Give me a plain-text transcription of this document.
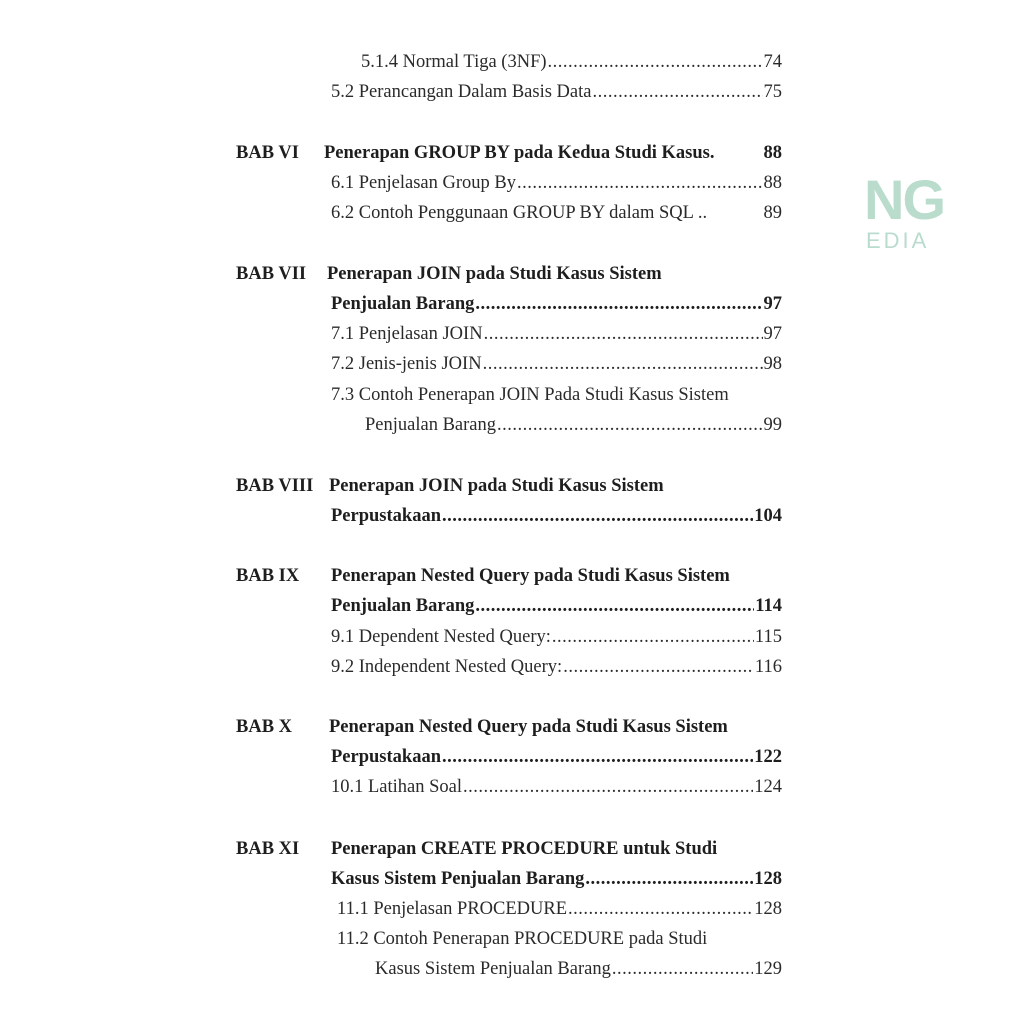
5.1.4 Normal Tiga (3NF) .....	74
5.2 Perancangan Dalam Basis Data .....	75
BAB VI Penerapan GROUP BY pada Kedua Studi Kasus.	88
6.1 Penjelasan Group By .....	88
6.2 Contoh Penggunaan GROUP BY dalam SQL ..	89
BAB VII Penerapan JOIN pada Studi Kasus Sistem
Penjualan Barang .....	97
7.1 Penjelasan JOIN .....	97
7.2 Jenis-jenis JOIN .....	98
7.3 Contoh Penerapan JOIN Pada Studi Kasus Sistem
Penjualan Barang .....	99
BAB VIII Penerapan JOIN pada Studi Kasus Sistem
Perpustakaan .....	104
BAB IX Penerapan Nested Query pada Studi Kasus Sistem
Penjualan Barang .....	114
9.1 Dependent Nested Query: .....	115
9.2 Independent Nested Query: .....	116
BAB X Penerapan Nested Query pada Studi Kasus Sistem
Perpustakaan .....	122
10.1 Latihan Soal .....	124
BAB XI Penerapan CREATE PROCEDURE untuk Studi
Kasus Sistem Penjualan Barang .....	128
11.1 Penjelasan PROCEDURE .....	128
11.2 Contoh Penerapan PROCEDURE pada Studi
Kasus Sistem Penjualan Barang .....	129
NG
EDIA
